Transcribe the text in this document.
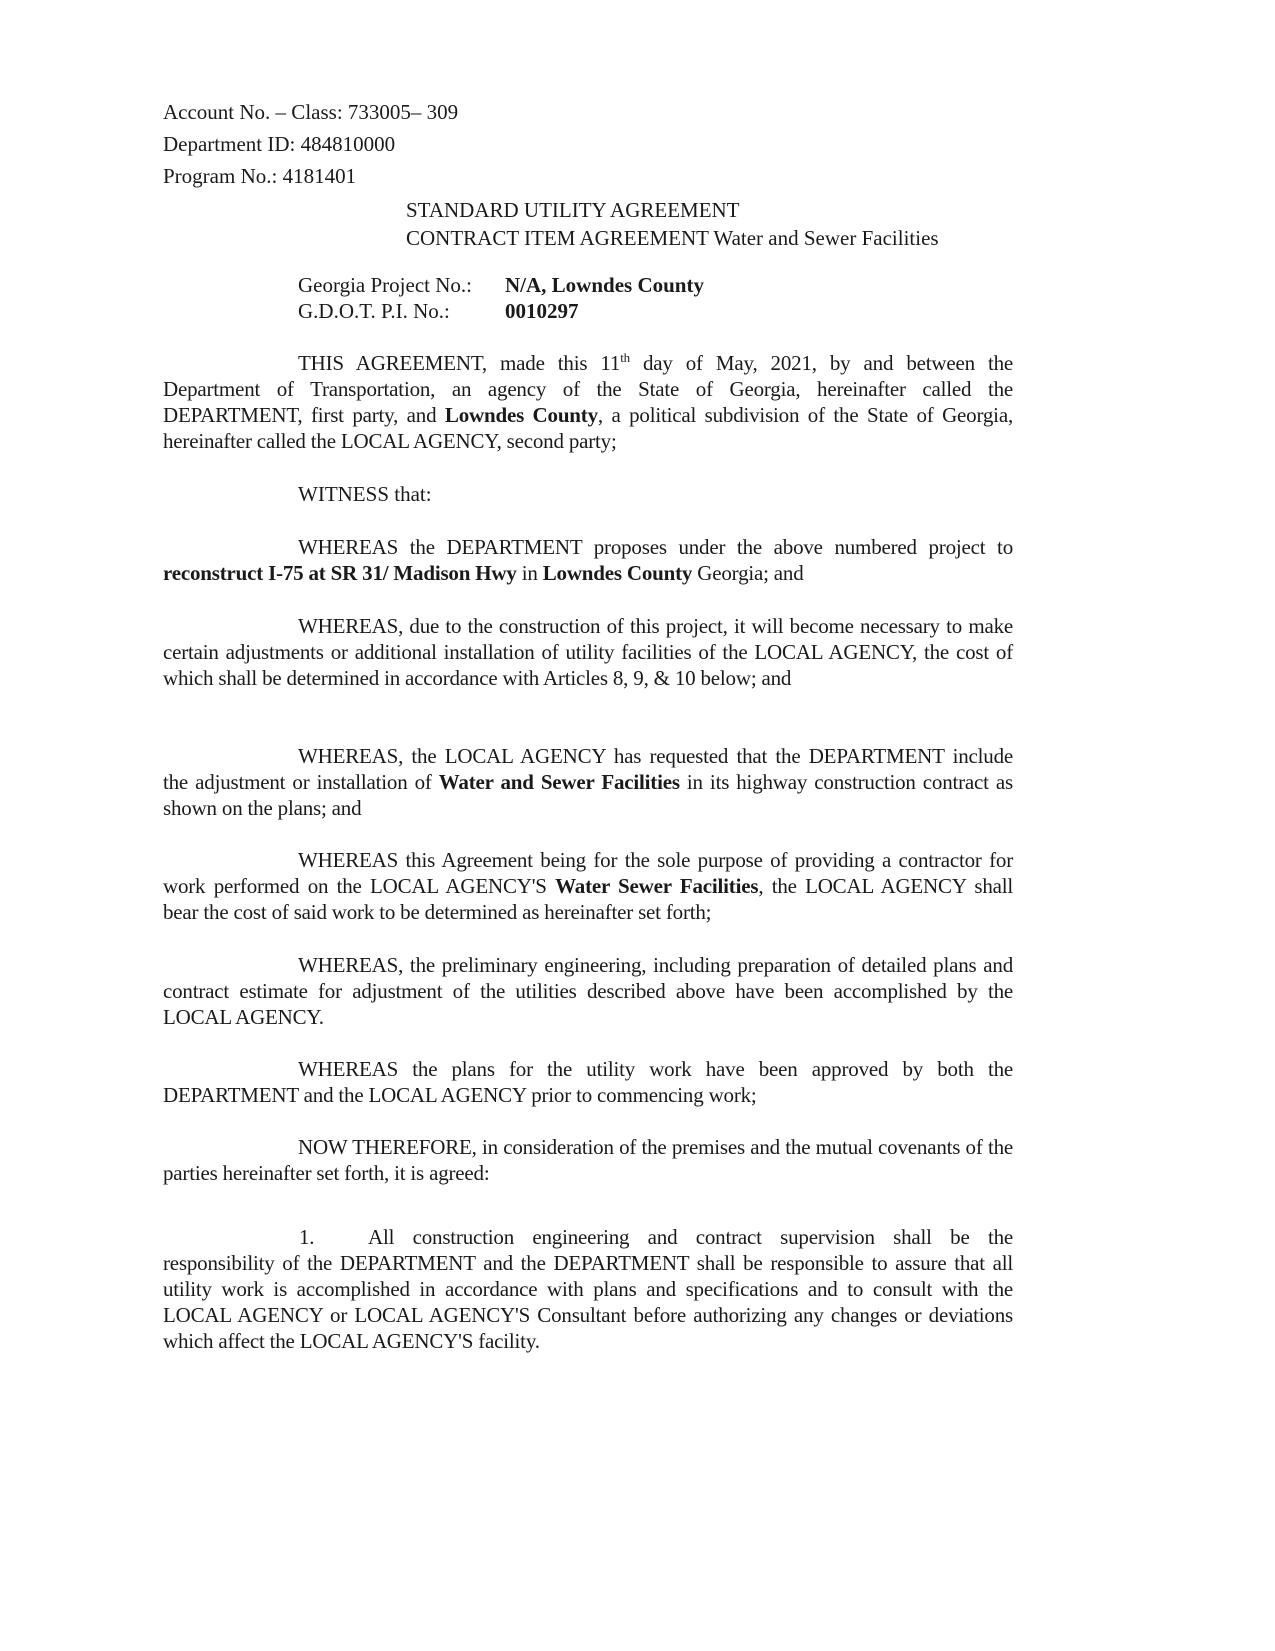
Account No. – Class: 733005– 309
Department ID: 484810000
Program No.: 4181401
STANDARD UTILITY AGREEMENT
CONTRACT ITEM AGREEMENT Water and Sewer Facilities
Georgia Project No.: N/A, Lowndes County
G.D.O.T. P.I. No.:	0010297
THIS AGREEMENT, made this 11th day of May, 2021, by and between the Department of Transportation, an agency of the State of Georgia, hereinafter called the DEPARTMENT, first party, and Lowndes County, a political subdivision of the State of Georgia, hereinafter called the LOCAL AGENCY, second party;
WITNESS that:
WHEREAS the DEPARTMENT proposes under the above numbered project to reconstruct I-75 at SR 31/ Madison Hwy in Lowndes County Georgia; and
WHEREAS, due to the construction of this project, it will become necessary to make certain adjustments or additional installation of utility facilities of the LOCAL AGENCY, the cost of which shall be determined in accordance with Articles 8, 9, & 10 below; and
WHEREAS, the LOCAL AGENCY has requested that the DEPARTMENT include the adjustment or installation of Water and Sewer Facilities in its highway construction contract as shown on the plans; and
WHEREAS this Agreement being for the sole purpose of providing a contractor for work performed on the LOCAL AGENCY'S Water Sewer Facilities, the LOCAL AGENCY shall bear the cost of said work to be determined as hereinafter set forth;
WHEREAS, the preliminary engineering, including preparation of detailed plans and contract estimate for adjustment of the utilities described above have been accomplished by the LOCAL AGENCY.
WHEREAS the plans for the utility work have been approved by both the DEPARTMENT and the LOCAL AGENCY prior to commencing work;
NOW THEREFORE, in consideration of the premises and the mutual covenants of the parties hereinafter set forth, it is agreed:
1.	All construction engineering and contract supervision shall be the responsibility of the DEPARTMENT and the DEPARTMENT shall be responsible to assure that all utility work is accomplished in accordance with plans and specifications and to consult with the LOCAL AGENCY or LOCAL AGENCY'S Consultant before authorizing any changes or deviations which affect the LOCAL AGENCY'S facility.
